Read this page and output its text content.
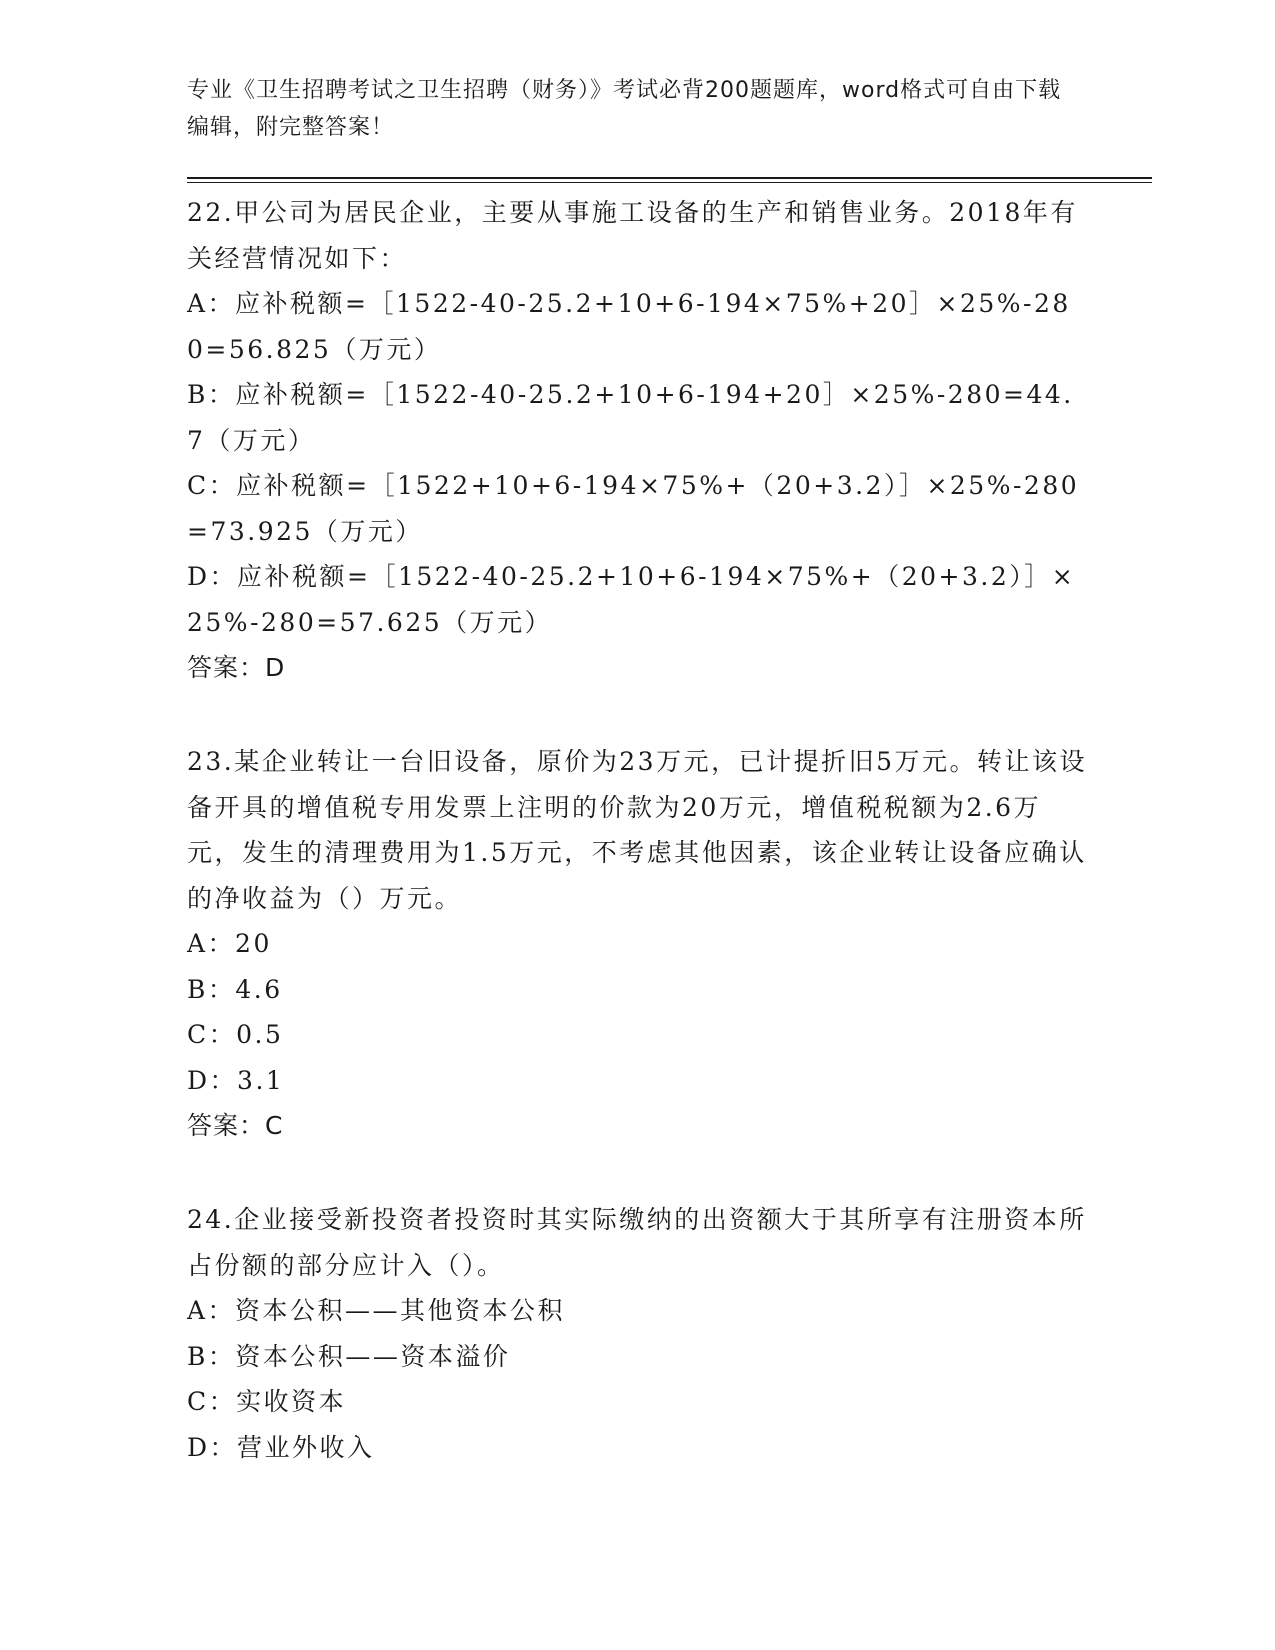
专业《卫生招聘考试之卫生招聘（财务）》考试必背200题题库，word格式可自由下载编辑，附完整答案！

22.甲公司为居民企业，主要从事施工设备的生产和销售业务。2018年有关经营情况如下：

A：应补税额=［1522-40-25.2+10+6-194×75%+20］×25%-280=56.825（万元）

B：应补税额=［1522-40-25.2+10+6-194+20］×25%-280=44.7（万元）

C：应补税额=［1522+10+6-194×75%+（20+3.2）］×25%-280=73.925（万元）

D：应补税额=［1522-40-25.2+10+6-194×75%+（20+3.2）］×25%-280=57.625（万元）

答案：D

23.某企业转让一台旧设备，原价为23万元，已计提折旧5万元。转让该设备开具的增值税专用发票上注明的价款为20万元，增值税税额为2.6万元，发生的清理费用为1.5万元，不考虑其他因素，该企业转让设备应确认的净收益为（）万元。

A：20

B：4.6

C：0.5

D：3.1

答案：C

24.企业接受新投资者投资时其实际缴纳的出资额大于其所享有注册资本所占份额的部分应计入（）。

A：资本公积——其他资本公积

B：资本公积——资本溢价

C：实收资本

D：营业外收入
